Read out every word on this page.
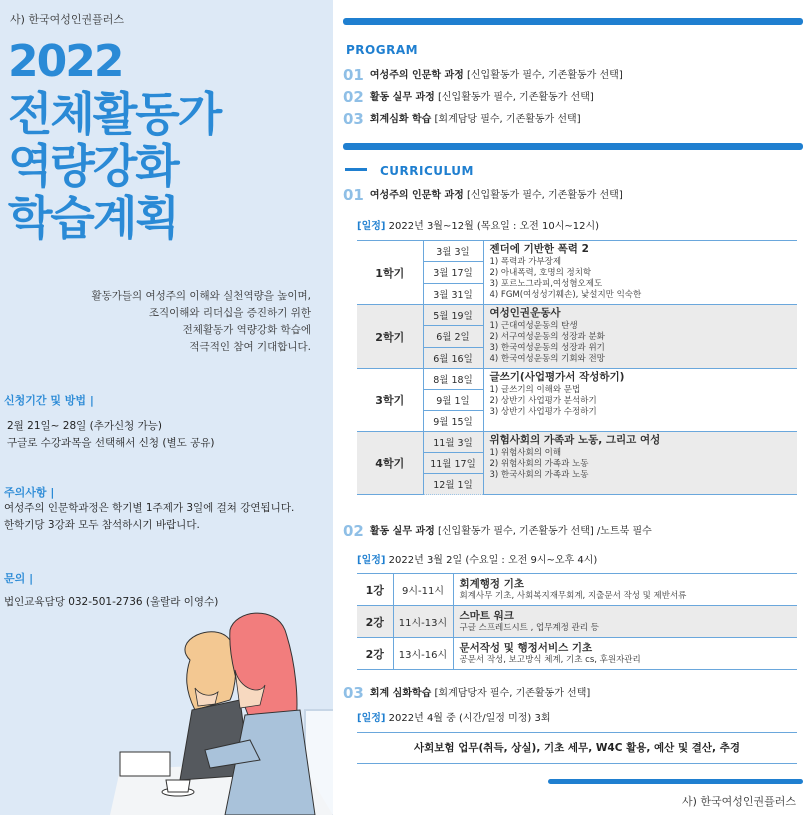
사) 한국여성인권플러스
2022
전체활동가
역량강화
학습계획
활동가들의 여성주의 이해와 실천역량을 높이며,
조직이해와 리더십을 증진하기 위한
전체활동가 역량강화 학습에
적극적인 참여 기대합니다.
신청기간 및 방법 |
2월 21일~ 28일 (추가신청 가능)
구글로 수강과목을 선택해서 신청 (별도 공유)
주의사항 |
여성주의 인문학과정은 학기별 1주제가 3일에 걸쳐 강연됩니다.
한학기당 3강좌 모두 참석하시기 바랍니다.
문의 |
법인교육담당 032-501-2736 (울랄라 이영수)
PROGRAM
01 여성주의 인문학 과정 [신입활동가 필수, 기존활동가 선택]
02 활동 실무 과정 [신입활동가 필수, 기존활동가 선택]
03 회계심화 학습 [회계담당 필수, 기존활동가 선택]
CURRICULUM
01 여성주의 인문학 과정 [신입활동가 필수, 기존활동가 선택]
[일정] 2022년 3월~12월 (목요일 : 오전 10시~12시)
1학기	3월 3일	젠더에 기반한 폭력 2
1) 폭력과 가부장제
2) 아내폭력, 호명의 정치학
3) 포르노그라피,여성혐오제도
4) FGM(여성성기훼손), 낯설지만 익숙한

	3월 17일	
	3월 31일	
2학기	5월 19일	여성인권운동사
1) 근대여성운동의 탄생
2) 서구여성운동의 성장과 분화
3) 한국여성운동의 성장과 위기
4) 한국여성운동의 기회와 전망

	6월 2일	
	6월 16일	
3학기	8월 18일	글쓰기(사업평가서 작성하기)
1) 글쓰기의 이해와 문법
2) 상반기 사업평가 분석하기
3) 상반기 사업평가 수정하기

	9월 1일	
	9월 15일	
4학기	11월 3일	위험사회의 가족과 노동, 그리고 여성
1) 위험사회의 이해
2) 위험사회의 가족과 노동
3) 한국사회의 가족과 노동

	11월 17일	
	12월 1일	
02 활동 실무 과정 [신입활동가 필수, 기존활동가 선택] /노트북 필수
[일정] 2022년 3월 2일 (수요일 : 오전 9시~오후 4시)
1강	9시-11시	회계행정 기초
회계사무 기초, 사회복지재무회계, 지출문서 작성 및 제반서류

2강	11시-13시	스마트 워크
구글 스프레드시트 , 업무계정 관리 등

2강	13시-16시	문서작성 및 행정서비스 기초
공문서 작성, 보고방식 체계, 기초 cs, 후원자관리
03 회계 심화학습 [회계담당자 필수, 기존활동가 선택]
[일정] 2022년 4월 중 (시간/일정 미정) 3회
사회보험 업무(취득, 상실), 기초 세무, W4C 활용, 예산 및 결산, 추경
사) 한국여성인권플러스
